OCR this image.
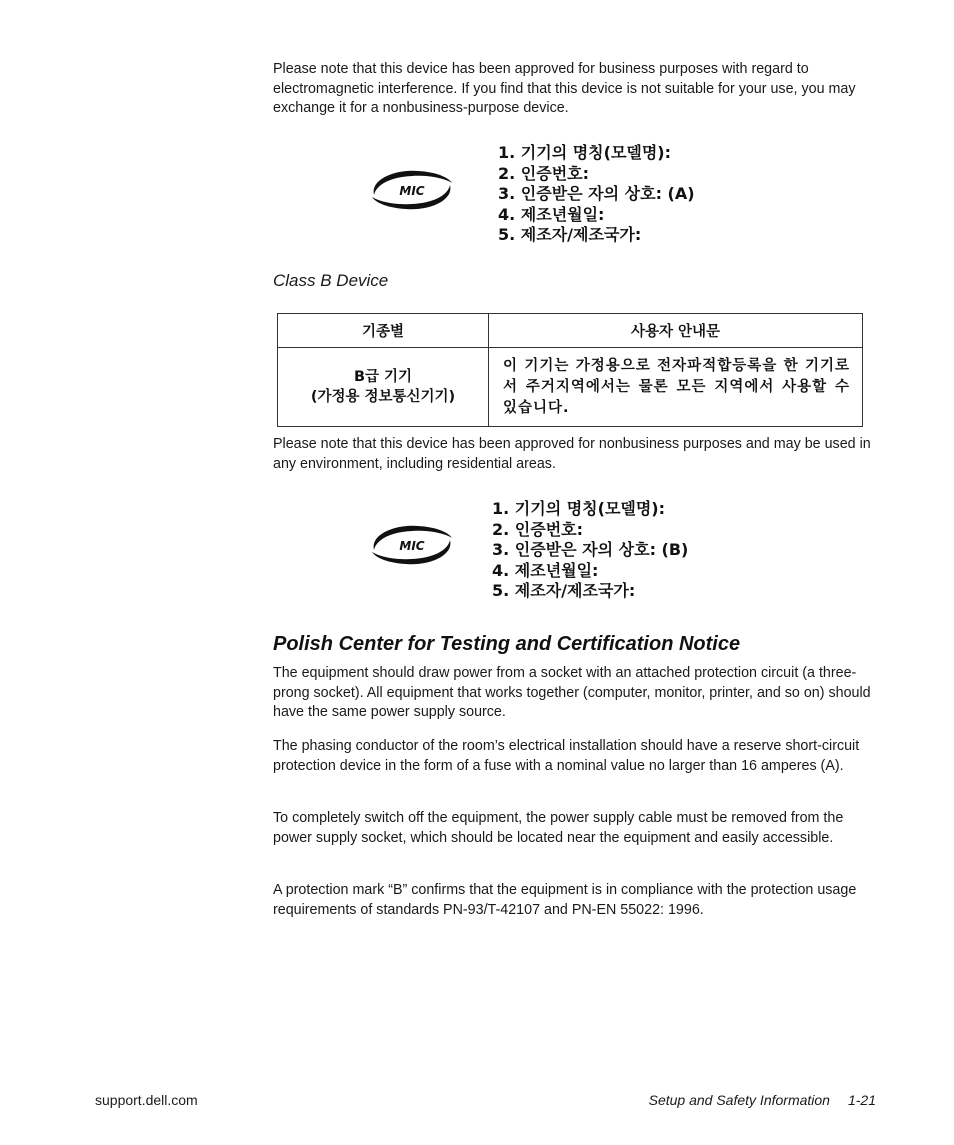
Please note that this device has been approved for business purposes with regard to electromagnetic interference. If you find that this device is not suitable for your use, you may exchange it for a nonbusiness-purpose device.

MIC
1. 기기의 명칭(모델명):
2. 인증번호:
3. 인증받은 자의 상호: (A)
4. 제조년월일:
5. 제조자/제조국가:

Class B Device

기종별	사용자 안내문

B급 기기
(가정용 정보통신기기)	이 기기는 가정용으로 전자파적합등록을 한 기기로서 주거지역에서는 물론 모든 지역에서 사용할 수 있습니다.

Please note that this device has been approved for nonbusiness purposes and may be used in any environment, including residential areas.

MIC
1. 기기의 명칭(모델명):
2. 인증번호:
3. 인증받은 자의 상호: (B)
4. 제조년월일:
5. 제조자/제조국가:
Polish Center for Testing and Certification Notice

The equipment should draw power from a socket with an attached protection circuit (a three-prong socket). All equipment that works together (computer, monitor, printer, and so on) should have the same power supply source.

The phasing conductor of the room’s electrical installation should have a reserve short-circuit protection device in the form of a fuse with a nominal value no larger than 16 amperes (A).

To completely switch off the equipment, the power supply cable must be removed from the power supply socket, which should be located near the equipment and easily accessible.

A protection mark “B” confirms that the equipment is in compliance with the protection usage requirements of standards PN-93/T-42107 and PN-EN 55022: 1996.

support.dell.com	Setup and Safety Information 1-21
